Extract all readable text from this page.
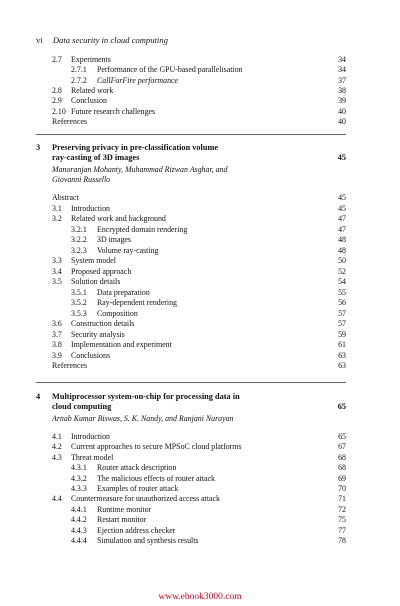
vi Data security in cloud computing
2.7 Experiments	34
2.7.1 Performance of the GPU-based parallelisation	34
2.7.2 CallForFire performance	37
2.8 Related work	38
2.9 Conclusion	39
2.10 Future research challenges	40
References	40
3 Preserving privacy in pre-classification volume
ray-casting of 3D images	45
Manoranjan Mohanty, Muhammad Rizwan Asghar, and
Giovanni Russello
Abstract	45
3.1 Introduction	45
3.2 Related work and background	47
3.2.1 Encrypted domain rendering	47
3.2.2 3D images	48
3.2.3 Volume ray-casting	48
3.3 System model	50
3.4 Proposed approach	52
3.5 Solution details	54
3.5.1 Data preparation	55
3.5.2 Ray-dependent rendering	56
3.5.3 Composition	57
3.6 Construction details	57
3.7 Security analysis	59
3.8 Implementation and experiment	61
3.9 Conclusions	63
References	63
4 Multiprocessor system-on-chip for processing data in
cloud computing	65
Arnab Kumar Biswas, S. K. Nandy, and Ranjani Narayan
4.1 Introduction	65
4.2 Current approaches to secure MPSoC cloud platforms	67
4.3 Threat model	68
4.3.1 Router attack description	68
4.3.2 The malicious effects of router attack	69
4.3.3 Examples of router attack	70
4.4 Countermeasure for unauthorized access attack	71
4.4.1 Runtime monitor	72
4.4.2 Restart monitor	75
4.4.3 Ejection address checker	77
4.4.4 Simulation and synthesis results	78
www.ebook3000.com
